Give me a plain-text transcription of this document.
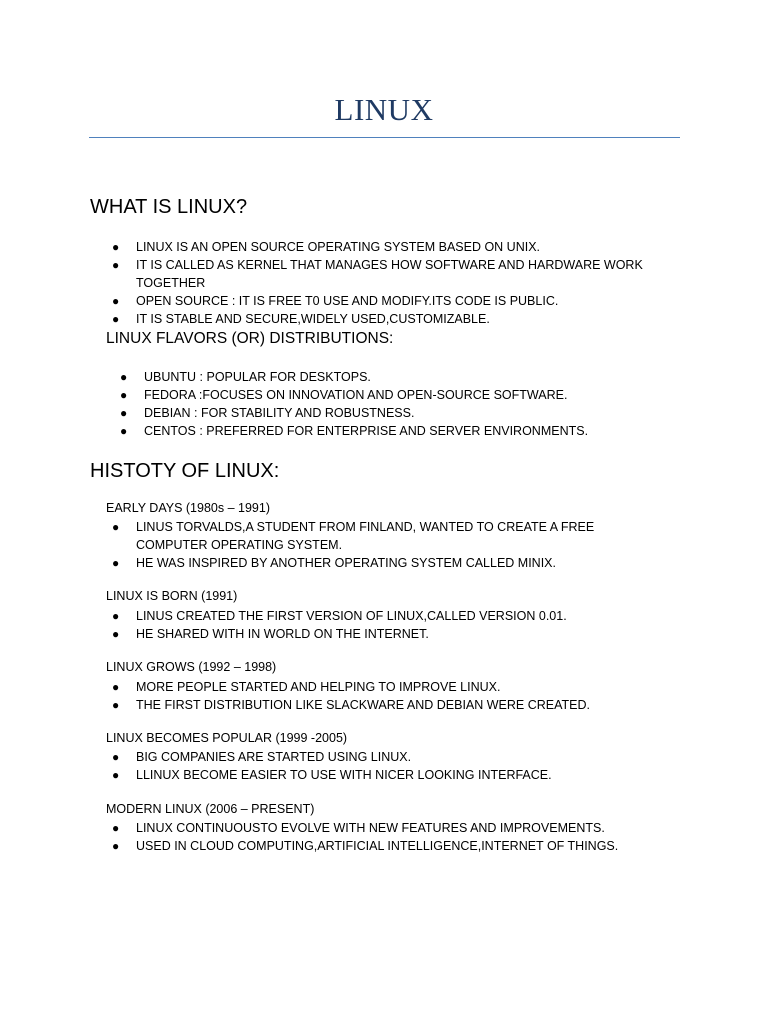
LINUX
WHAT IS LINUX?
● LINUX IS AN OPEN SOURCE OPERATING SYSTEM BASED ON UNIX.
● IT IS CALLED AS KERNEL THAT MANAGES HOW SOFTWARE AND HARDWARE WORK TOGETHER
● OPEN SOURCE : IT IS FREE T0 USE AND MODIFY.ITS CODE IS PUBLIC.
● IT IS STABLE AND SECURE,WIDELY USED,CUSTOMIZABLE.
LINUX FLAVORS (OR) DISTRIBUTIONS:
● UBUNTU : POPULAR FOR DESKTOPS.
● FEDORA :FOCUSES ON INNOVATION AND OPEN-SOURCE SOFTWARE.
● DEBIAN : FOR STABILITY AND ROBUSTNESS.
● CENTOS : PREFERRED FOR ENTERPRISE AND SERVER ENVIRONMENTS.
HISTOTY OF LINUX:
EARLY DAYS (1980s – 1991)
● LINUS TORVALDS,A STUDENT FROM FINLAND, WANTED TO CREATE A FREE COMPUTER OPERATING SYSTEM.
● HE WAS INSPIRED BY ANOTHER OPERATING SYSTEM CALLED MINIX.
LINUX IS BORN (1991)
● LINUS CREATED THE FIRST VERSION OF LINUX,CALLED VERSION 0.01.
● HE SHARED WITH IN WORLD ON THE INTERNET.
LINUX GROWS (1992 – 1998)
● MORE PEOPLE STARTED AND HELPING TO IMPROVE LINUX.
● THE FIRST DISTRIBUTION LIKE SLACKWARE AND DEBIAN WERE CREATED.
LINUX BECOMES POPULAR (1999 -2005)
● BIG COMPANIES ARE STARTED USING LINUX.
● LLINUX BECOME EASIER TO USE WITH NICER LOOKING INTERFACE.
MODERN LINUX (2006 – PRESENT)
● LINUX CONTINUOUSTO EVOLVE WITH NEW FEATURES AND IMPROVEMENTS.
● USED IN CLOUD COMPUTING,ARTIFICIAL INTELLIGENCE,INTERNET OF THINGS.
